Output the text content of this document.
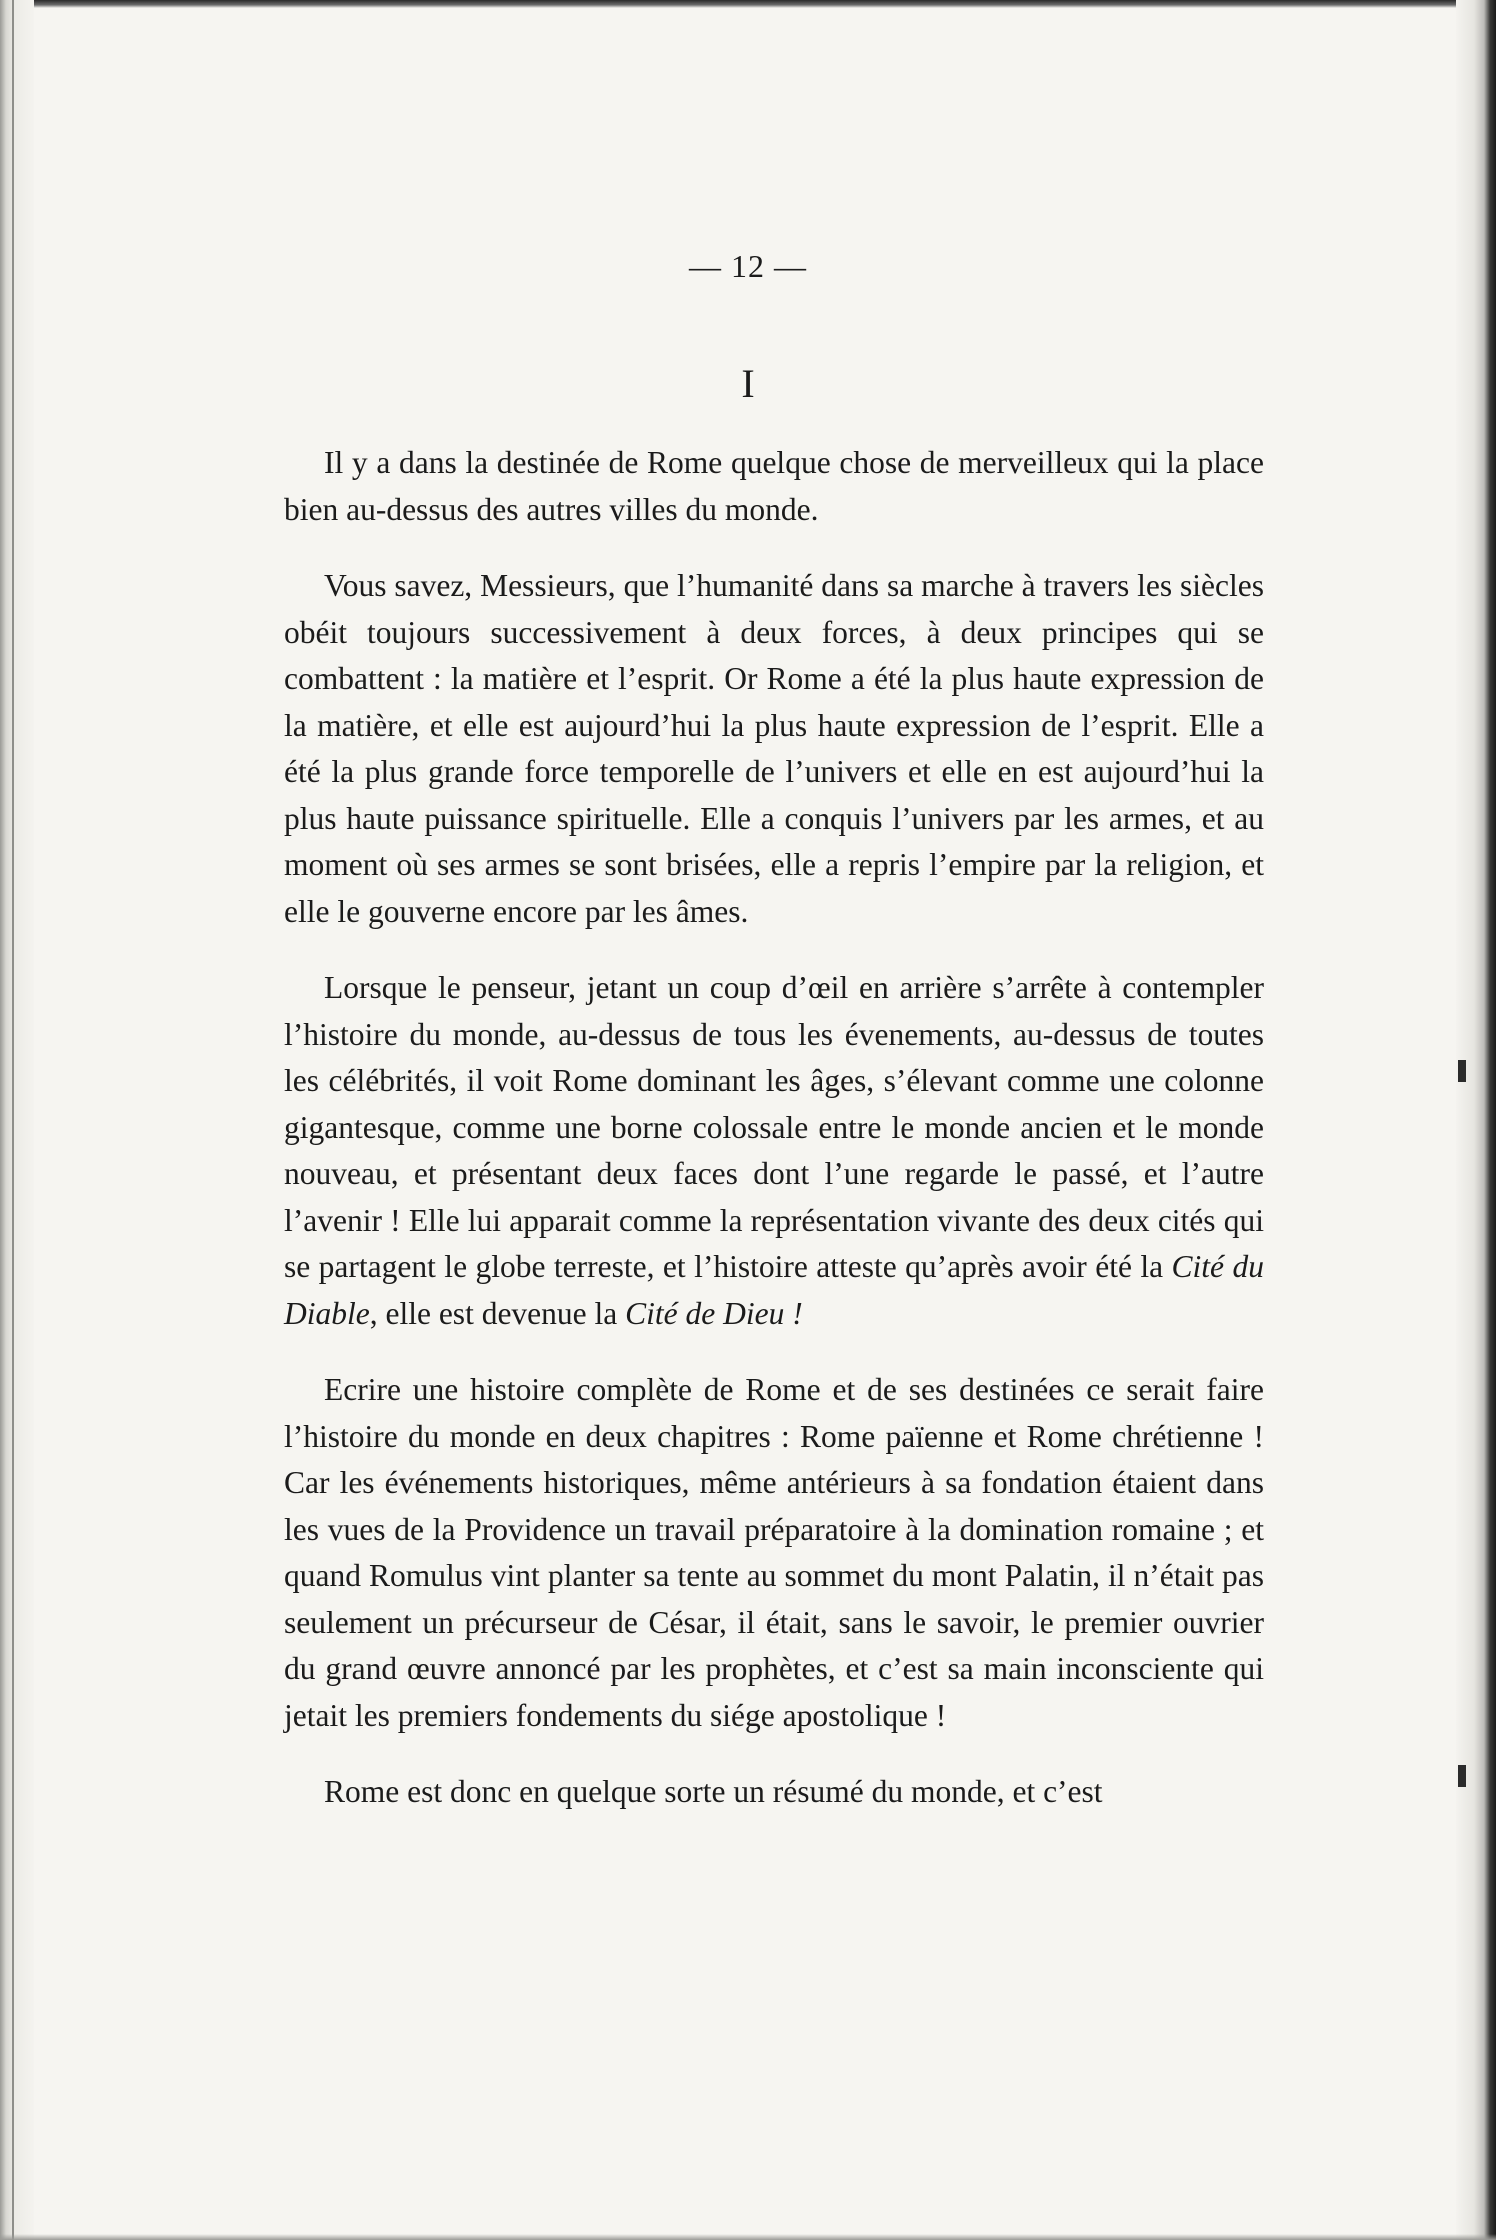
— 12 —
I

Il y a dans la destinée de Rome quelque chose de merveilleux qui la place bien au-dessus des autres villes du monde.

Vous savez, Messieurs, que l’humanité dans sa marche à travers les siècles obéit toujours successivement à deux forces, à deux principes qui se combattent : la matière et l’esprit. Or Rome a été la plus haute expression de la matière, et elle est aujourd’hui la plus haute expression de l’esprit. Elle a été la plus grande force temporelle de l’univers et elle en est aujourd’hui la plus haute puissance spirituelle. Elle a conquis l’univers par les armes, et au moment où ses armes se sont brisées, elle a repris l’empire par la religion, et elle le gouverne encore par les âmes.

Lorsque le penseur, jetant un coup d’œil en arrière s’arrête à contempler l’histoire du monde, au-dessus de tous les évenements, au-dessus de toutes les célébrités, il voit Rome dominant les âges, s’élevant comme une colonne gigantesque, comme une borne colossale entre le monde ancien et le monde nouveau, et présentant deux faces dont l’une regarde le passé, et l’autre l’avenir ! Elle lui apparait comme la représentation vivante des deux cités qui se partagent le globe terreste, et l’histoire atteste qu’après avoir été la Cité du Diable, elle est devenue la Cité de Dieu !

Ecrire une histoire complète de Rome et de ses destinées ce serait faire l’histoire du monde en deux chapitres : Rome païenne et Rome chrétienne ! Car les événements historiques, même antérieurs à sa fondation étaient dans les vues de la Providence un travail préparatoire à la domination romaine ; et quand Romulus vint planter sa tente au sommet du mont Palatin, il n’était pas seulement un précurseur de César, il était, sans le savoir, le premier ouvrier du grand œuvre annoncé par les prophètes, et c’est sa main inconsciente qui jetait les premiers fondements du siége apostolique !

Rome est donc en quelque sorte un résumé du monde, et c’est
